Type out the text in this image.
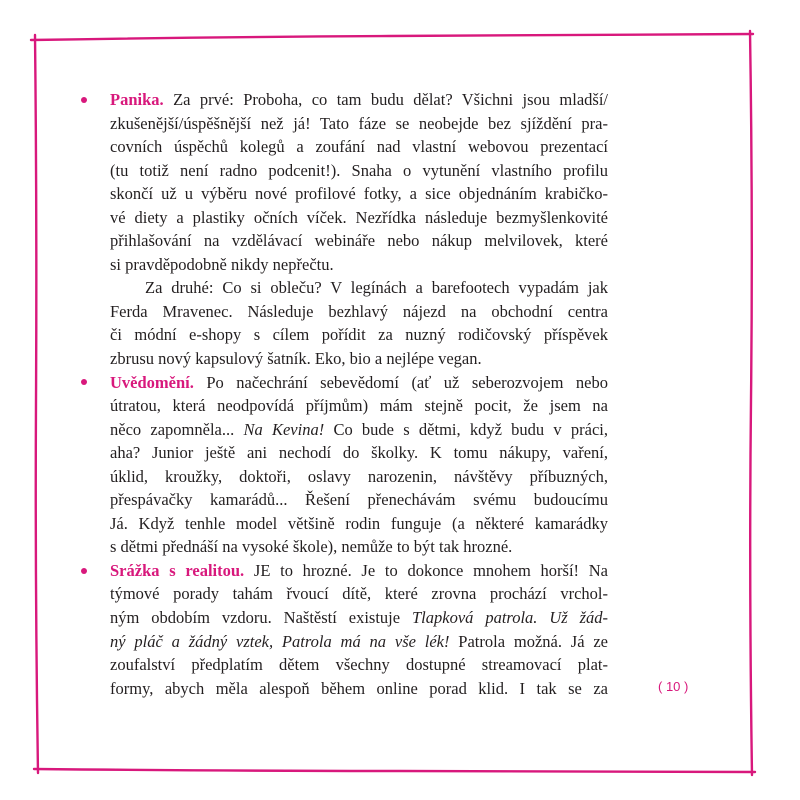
Panika. Za prvé: Proboha, co tam budu dělat? Všichni jsou mladší/
zkušenější/úspěšnější než já! Tato fáze se neobejde bez sjíždění pra-
covních úspěchů kolegů a zoufání nad vlastní webovou prezentací
(tu totiž není radno podcenit!). Snaha o vytunění vlastního profilu
skončí už u výběru nové profilové fotky, a sice objednáním krabičko-
vé diety a plastiky očních víček. Nezřídka následuje bezmyšlenkovité
přihlašování na vzdělávací webináře nebo nákup melvilovek, které
si pravděpodobně nikdy nepřečtu.
Za druhé: Co si obleču? V legínách a barefootech vypadám jak
Ferda Mravenec. Následuje bezhlavý nájezd na obchodní centra
či módní e-shopy s cílem pořídit za nuzný rodičovský příspěvek
zbrusu nový kapsulový šatník. Eko, bio a nejlépe vegan.
Uvědomění. Po načechrání sebevědomí (ať už seberozvojem nebo
útratou, která neodpovídá příjmům) mám stejně pocit, že jsem na
něco zapomněla... Na Kevina! Co bude s dětmi, když budu v práci,
aha? Junior ještě ani nechodí do školky. K tomu nákupy, vaření,
úklid, kroužky, doktoři, oslavy narozenin, návštěvy příbuzných,
přespávačky kamarádů... Řešení přenechávám svému budoucímu
Já. Když tenhle model většině rodin funguje (a některé kamarádky
s dětmi přednáší na vysoké škole), nemůže to být tak hrozné.
Srážka s realitou. JE to hrozné. Je to dokonce mnohem horší! Na
týmové porady tahám řvoucí dítě, které zrovna prochází vrchol-
ným obdobím vzdoru. Naštěstí existuje Tlapková patrola. Už žád-
ný pláč a žádný vztek, Patrola má na vše lék! Patrola možná. Já ze
zoufalství předplatím dětem všechny dostupné streamovací plat-
formy, abych měla alespoň během online porad klid. I tak se za	( 10 )
